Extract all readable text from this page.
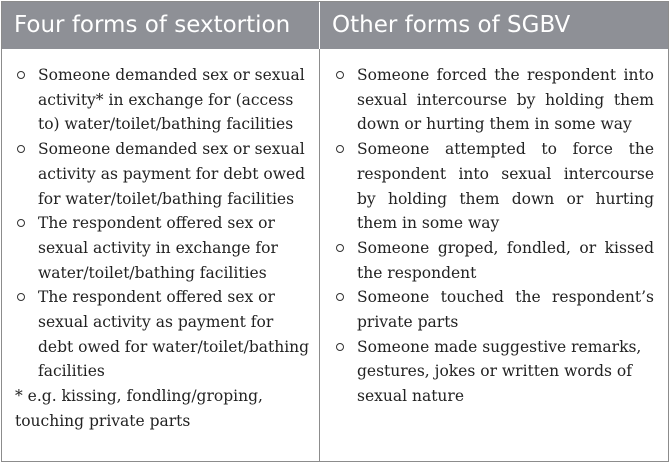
Four forms of sextortion	Other forms of SGBV
Someone demanded sex or sexual activity* in exchange for (access to) water/toilet/bathing facilities
Someone demanded sex or sexual activity as payment for debt owed for water/toilet/bathing facilities
The respondent offered sex or sexual activity in exchange for water/toilet/bathing facilities
The respondent offered sex or sexual activity as payment for debt owed for water/toilet/bathing facilities

* e.g. kissing, fondling/groping, touching private parts

Someone forced the respondent into sexual intercourse by holding them down or hurting them in some way
Someone attempted to force the respondent into sexual intercourse by holding them down or hurting them in some way
Someone groped, fondled, or kissed the respondent
Someone touched the respondent’s private parts
Someone made suggestive remarks, gestures, jokes or written words of sexual nature
